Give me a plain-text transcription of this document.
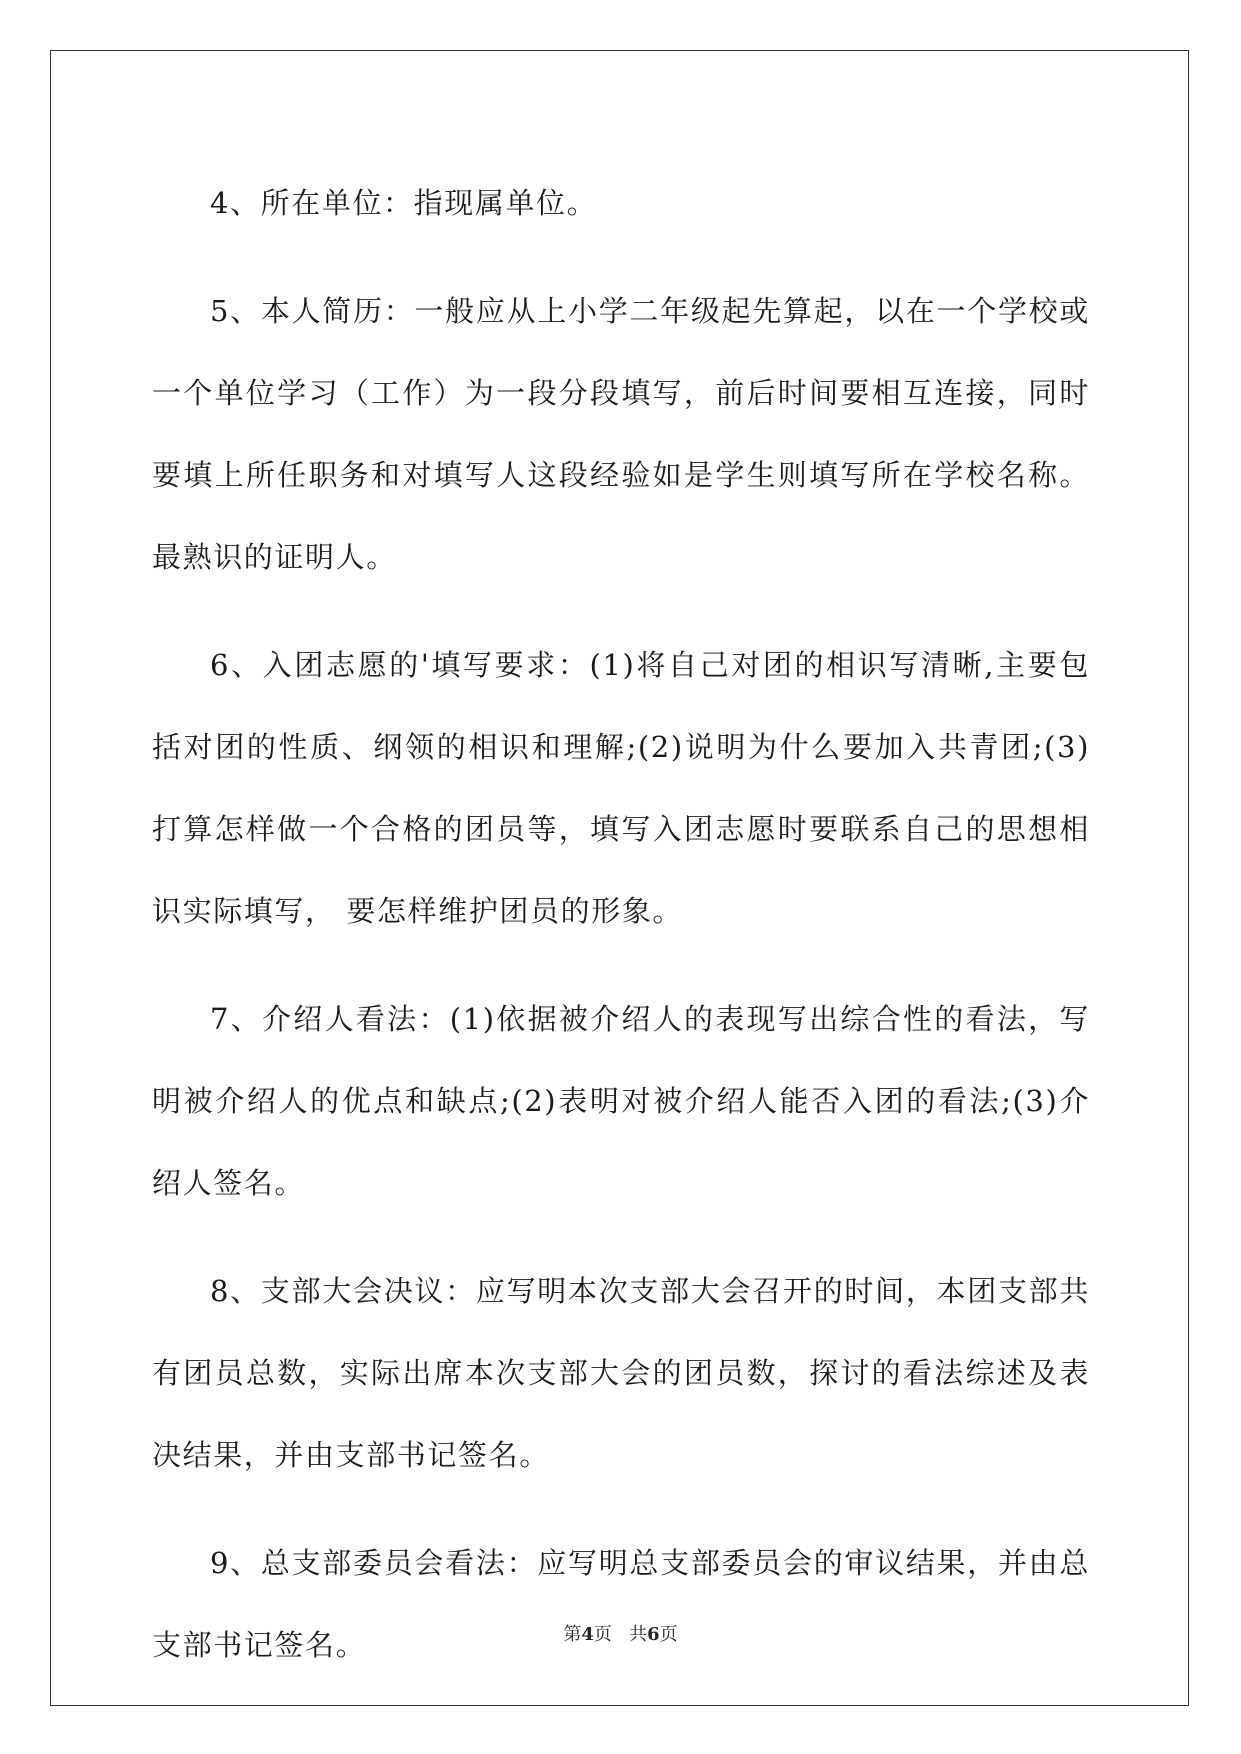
4、所在单位：指现属单位。

5、本人简历：一般应从上小学二年级起先算起，以在一个学校或一个单位学习（工作）为一段分段填写，前后时间要相互连接，同时要填上所任职务和对填写人这段经验如是学生则填写所在学校名称。最熟识的证明人。

6、入团志愿的'填写要求：(1)将自己对团的相识写清晰,主要包括对团的性质、纲领的相识和理解;(2)说明为什么要加入共青团;(3)打算怎样做一个合格的团员等，填写入团志愿时要联系自己的思想相识实际填写， 要怎样维护团员的形象。

7、介绍人看法：(1)依据被介绍人的表现写出综合性的看法，写明被介绍人的优点和缺点;(2)表明对被介绍人能否入团的看法;(3)介绍人签名。

8、支部大会决议：应写明本次支部大会召开的时间，本团支部共有团员总数，实际出席本次支部大会的团员数，探讨的看法综述及表决结果，并由支部书记签名。

9、总支部委员会看法：应写明总支部委员会的审议结果，并由总支部书记签名。	第4页 共6页
